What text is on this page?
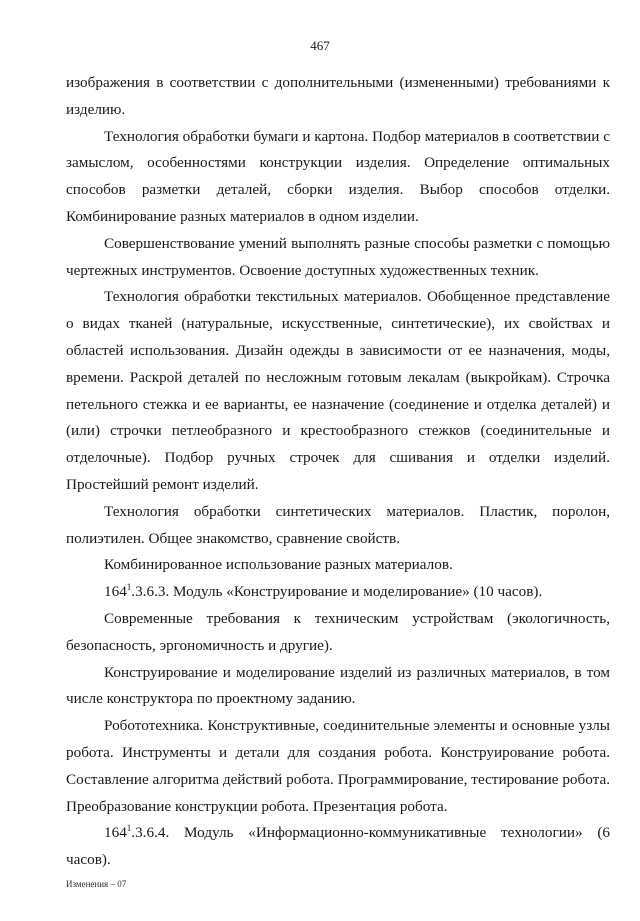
467

изображения в соответствии с дополнительными (измененными) требованиями к изделию.

Технология обработки бумаги и картона. Подбор материалов в соответствии с замыслом, особенностями конструкции изделия. Определение оптимальных способов разметки деталей, сборки изделия. Выбор способов отделки. Комбинирование разных материалов в одном изделии.

Совершенствование умений выполнять разные способы разметки с помощью чертежных инструментов. Освоение доступных художественных техник.

Технология обработки текстильных материалов. Обобщенное представление о видах тканей (натуральные, искусственные, синтетические), их свойствах и областей использования. Дизайн одежды в зависимости от ее назначения, моды, времени. Раскрой деталей по несложным готовым лекалам (выкройкам). Строчка петельного стежка и ее варианты, ее назначение (соединение и отделка деталей) и (или) строчки петлеобразного и крестообразного стежков (соединительные и отделочные). Подбор ручных строчек для сшивания и отделки изделий. Простейший ремонт изделий.

Технология обработки синтетических материалов. Пластик, поролон, полиэтилен. Общее знакомство, сравнение свойств.

Комбинированное использование разных материалов.

$164^1.3.6.3$. Модуль «Конструирование и моделирование» (10 часов).

Современные требования к техническим устройствам (экологичность, безопасность, эргономичность и другие).

Конструирование и моделирование изделий из различных материалов, в том числе конструктора по проектному заданию.

Робототехника. Конструктивные, соединительные элементы и основные узлы робота. Инструменты и детали для создания робота. Конструирование робота. Составление алгоритма действий робота. Программирование, тестирование робота. Преобразование конструкции робота. Презентация робота.

$164^1.3.6.4$. Модуль «Информационно-коммуникативные технологии» (6 часов).

Изменения – 07
